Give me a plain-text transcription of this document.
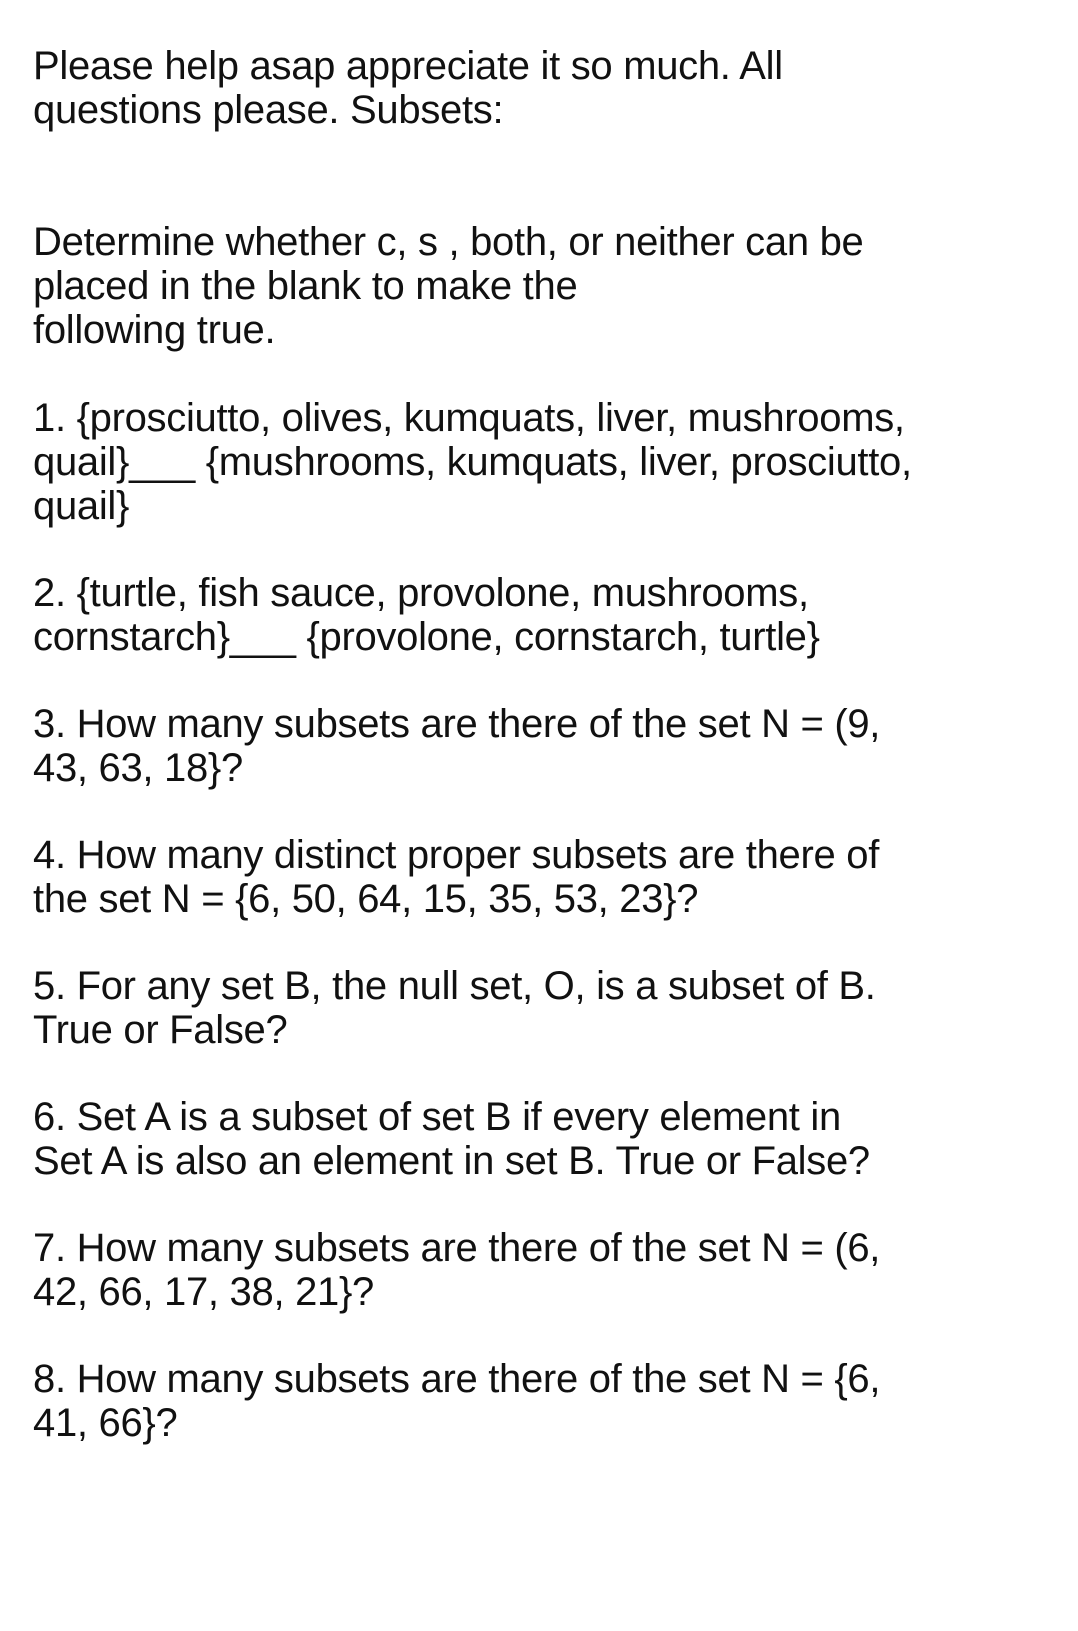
Please help asap appreciate it so much. All
questions please. Subsets:

Determine whether c, s , both, or neither can be
placed in the blank to make the
following true.

1. {prosciutto, olives, kumquats, liver, mushrooms,
quail}___ {mushrooms, kumquats, liver, prosciutto,
quail}

2. {turtle, fish sauce, provolone, mushrooms,
cornstarch}___ {provolone, cornstarch, turtle}

3. How many subsets are there of the set N = (9,
43, 63, 18}?

4. How many distinct proper subsets are there of
the set N = {6, 50, 64, 15, 35, 53, 23}?

5. For any set B, the null set, O, is a subset of B.
True or False?

6. Set A is a subset of set B if every element in
Set A is also an element in set B. True or False?

7. How many subsets are there of the set N = (6,
42, 66, 17, 38, 21}?

8. How many subsets are there of the set N = {6,
41, 66}?
